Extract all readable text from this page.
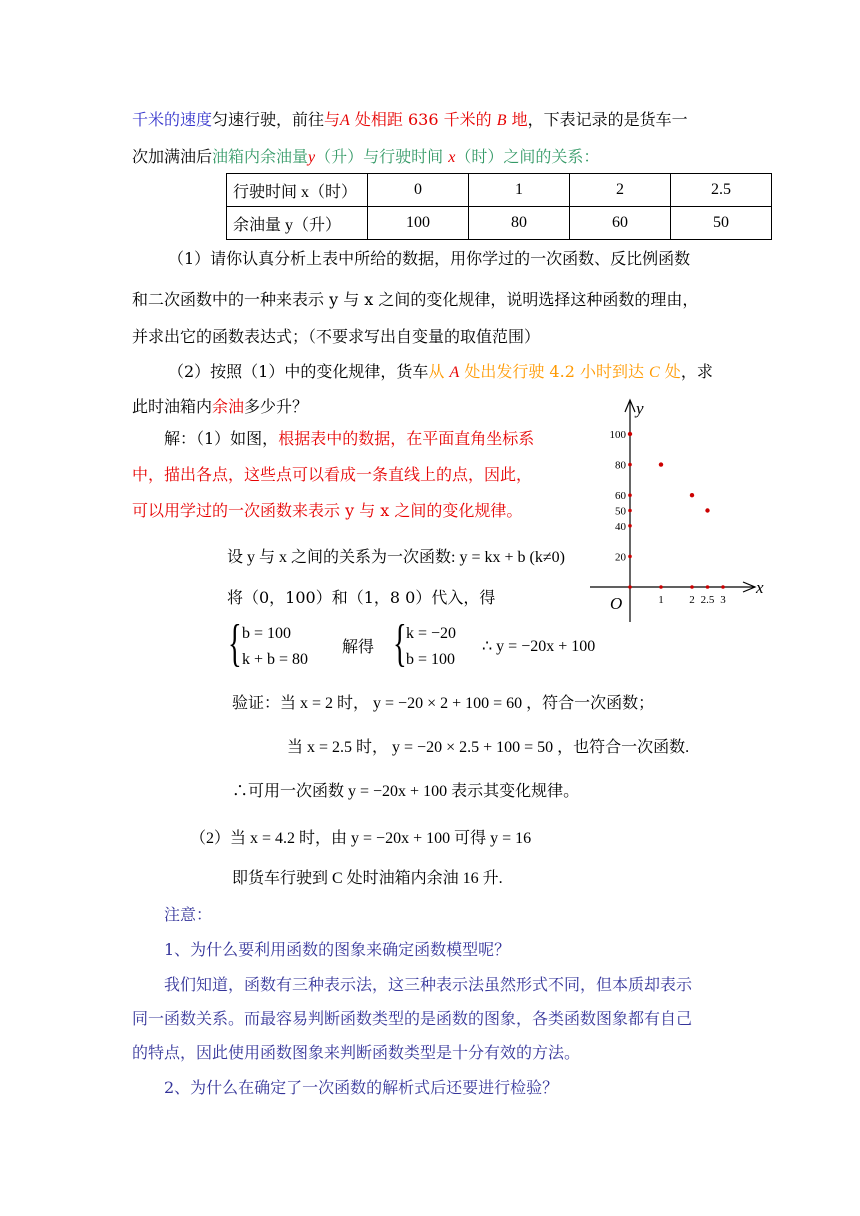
千米的速度匀速行驶，前往与A 处相距 636 千米的 B 地，下表记录的是货车一
次加满油后油箱内余油量y（升）与行驶时间 x（时）之间的关系：
行驶时间 x（时）	0	1	2	2.5
余油量 y（升）	100	80	60	50
（1）请你认真分析上表中所给的数据，用你学过的一次函数、反比例函数
和二次函数中的一种来表示 y 与 x 之间的变化规律，说明选择这种函数的理由，
并求出它的函数表达式；（不要求写出自变量的取值范围）
（2）按照（1）中的变化规律，货车从 A 处出发行驶 4.2 小时到达 C 处，求
此时油箱内余油多少升？
解：（1）如图，根据表中的数据，在平面直角坐标系
中，描出各点，这些点可以看成一条直线上的点，因此，
可以用学过的一次函数来表示 y 与 x 之间的变化规律。
设 y 与 x 之间的关系为一次函数: y = kx + b (k≠0)
将（0，100）和（1，8 0）代入，得
{ b = 100
k + b = 80
解得 { k = −20
b = 100
∴ y = −20x + 100
验证：当 x = 2 时， y = −20 × 2 + 100 = 60 ，符合一次函数；
当 x = 2.5 时， y = −20 × 2.5 + 100 = 50 ，也符合一次函数.
∴可用一次函数 y = −20x + 100 表示其变化规律。
（2）当 x = 4.2 时，由 y = −20x + 100 可得 y = 16
即货车行驶到 C 处时油箱内余油 16 升.
注意：
1、为什么要利用函数的图象来确定函数模型呢？
我们知道，函数有三种表示法，这三种表示法虽然形式不同，但本质却表示
同一函数关系。而最容易判断函数类型的是函数的图象，各类函数图象都有自己
的特点，因此使用函数图象来判断函数类型是十分有效的方法。
2、为什么在确定了一次函数的解析式后还要进行检验？
y
x
O
20
40
50
60
80
100
1 2 2.5 3
